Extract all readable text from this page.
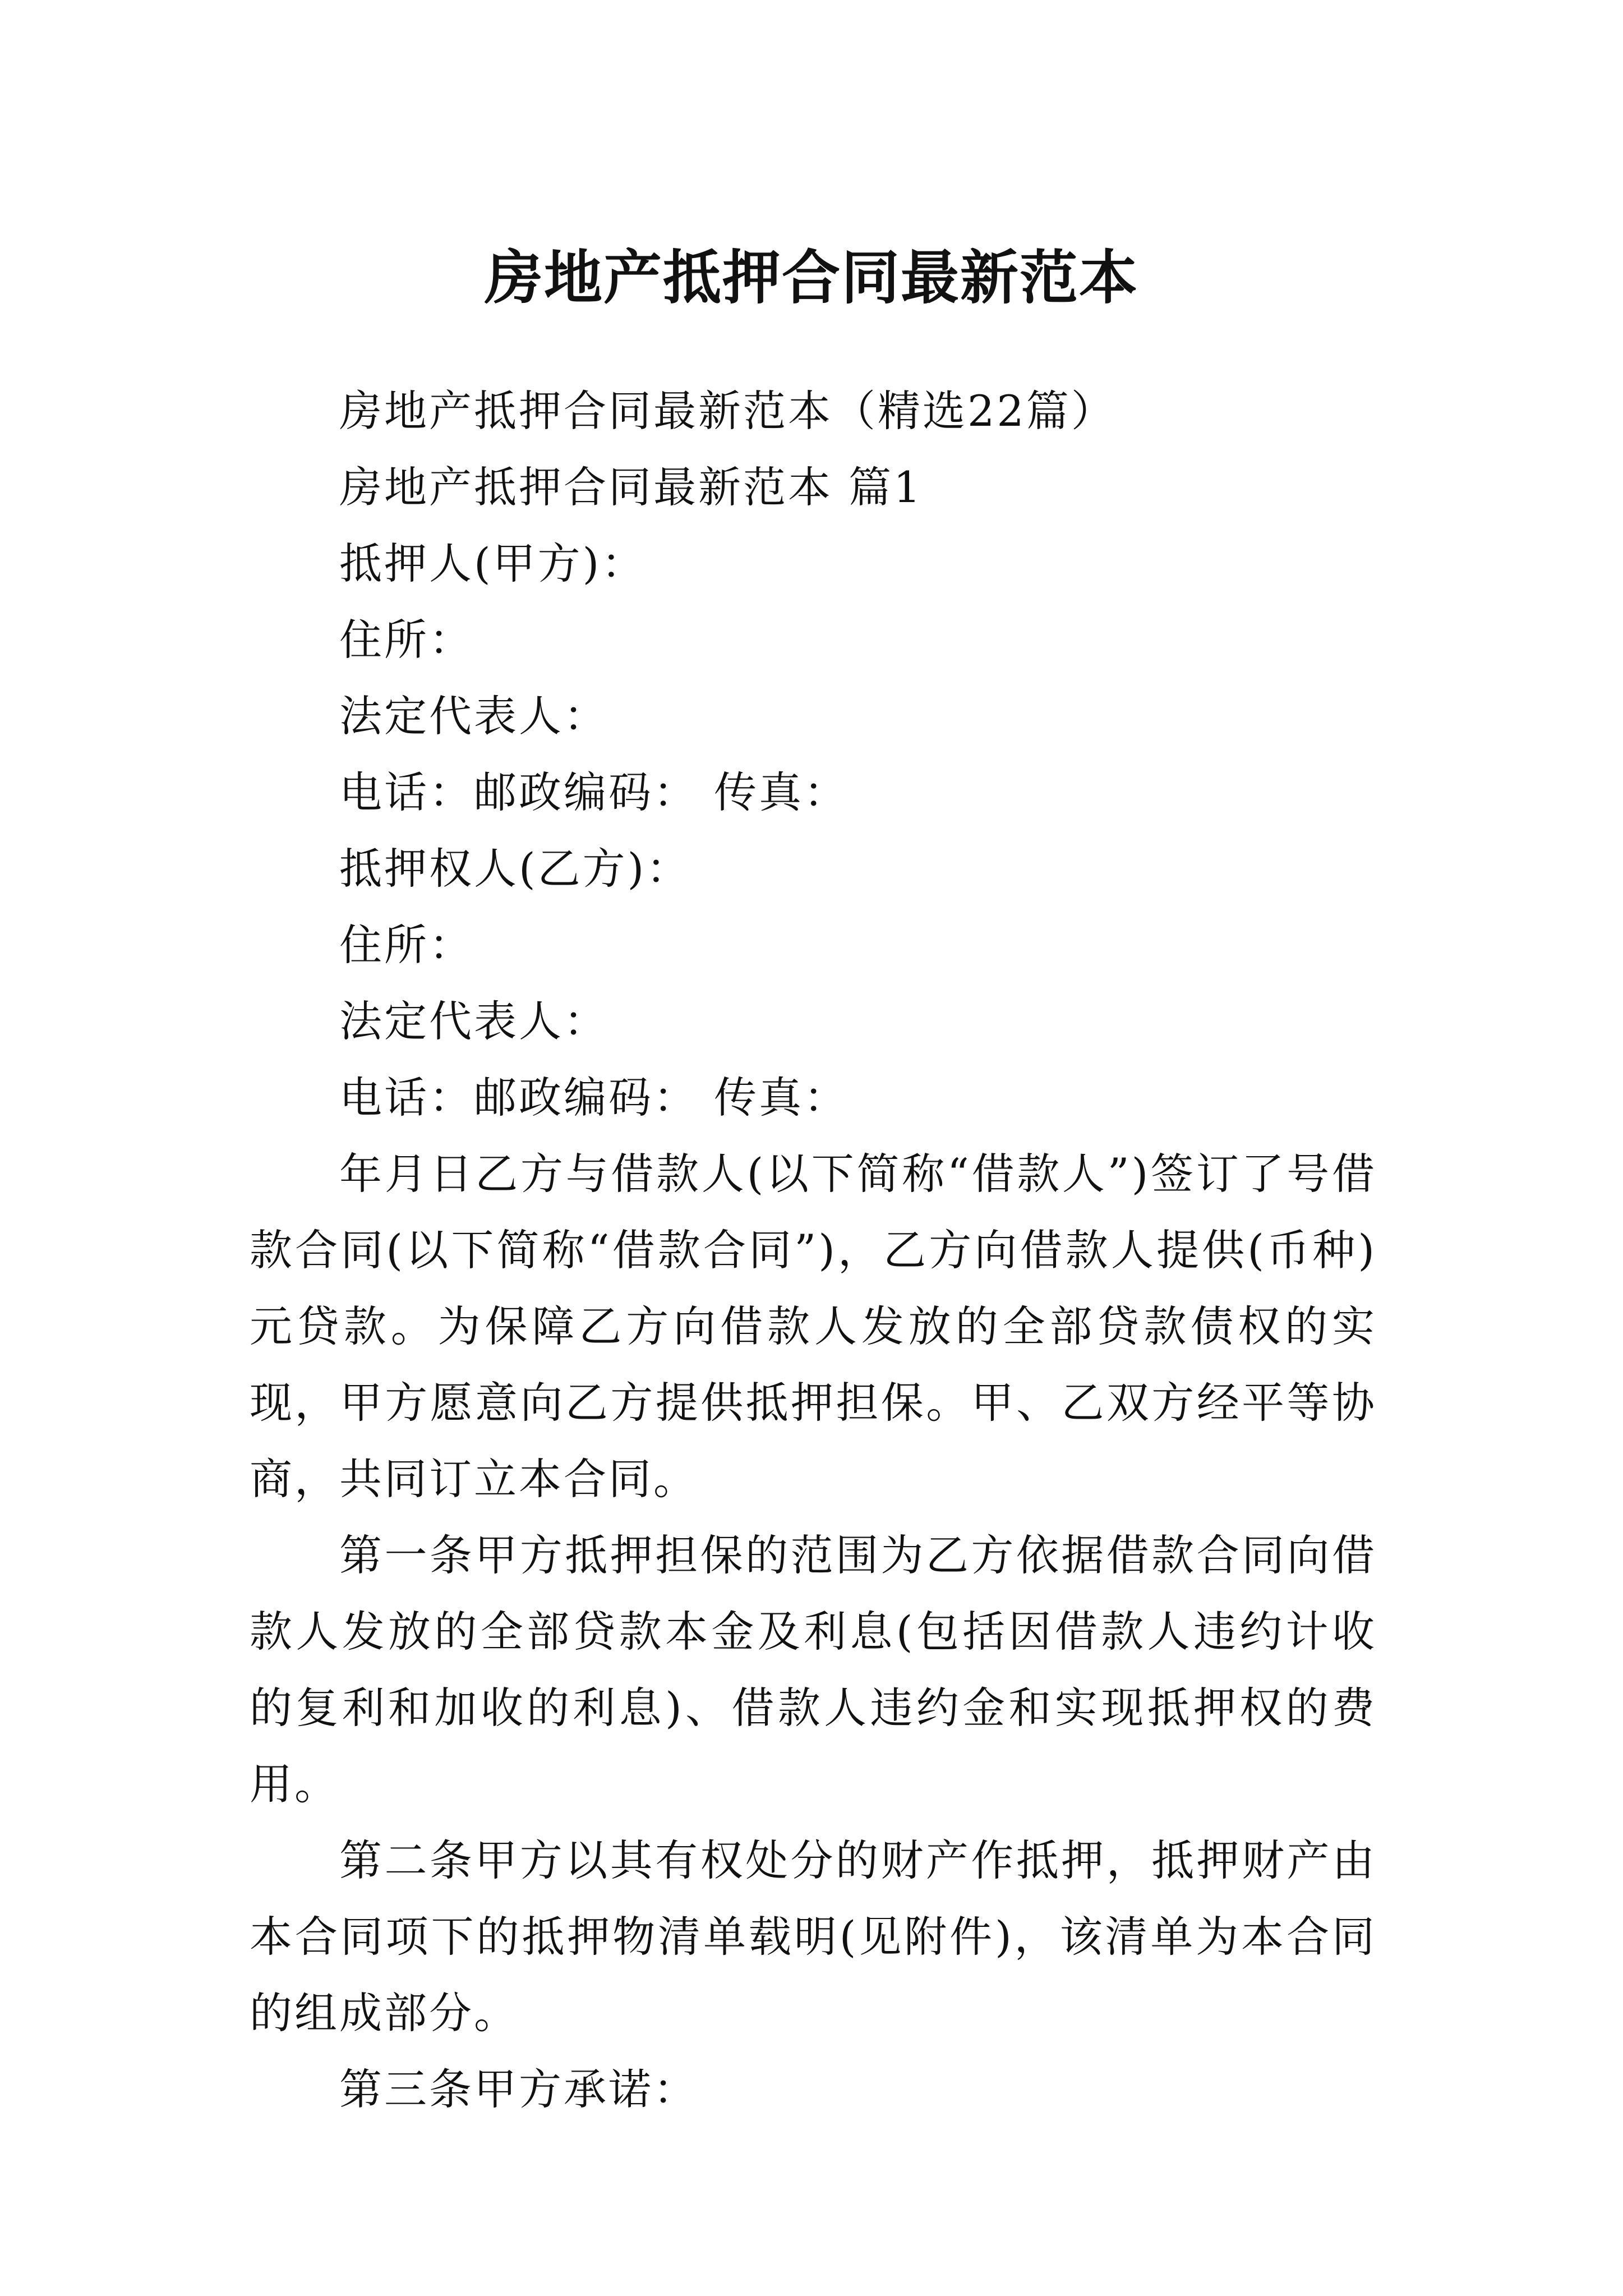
房地产抵押合同最新范本

房地产抵押合同最新范本（精选22篇）

房地产抵押合同最新范本 篇1

抵押人(甲方)：

住所：

法定代表人：

电话：邮政编码： 传真：

抵押权人(乙方)：

住所：

法定代表人：

电话：邮政编码： 传真：

年月日乙方与借款人(以下简称“借款人”)签订了号借款合同(以下简称“借款合同”)，乙方向借款人提供(币种)元贷款。为保障乙方向借款人发放的全部贷款债权的实现，甲方愿意向乙方提供抵押担保。甲、乙双方经平等协商，共同订立本合同。

第一条甲方抵押担保的范围为乙方依据借款合同向借款人发放的全部贷款本金及利息(包括因借款人违约计收的复利和加收的利息)、借款人违约金和实现抵押权的费用。

第二条甲方以其有权处分的财产作抵押，抵押财产由本合同项下的抵押物清单载明(见附件)，该清单为本合同的组成部分。

第三条甲方承诺：
